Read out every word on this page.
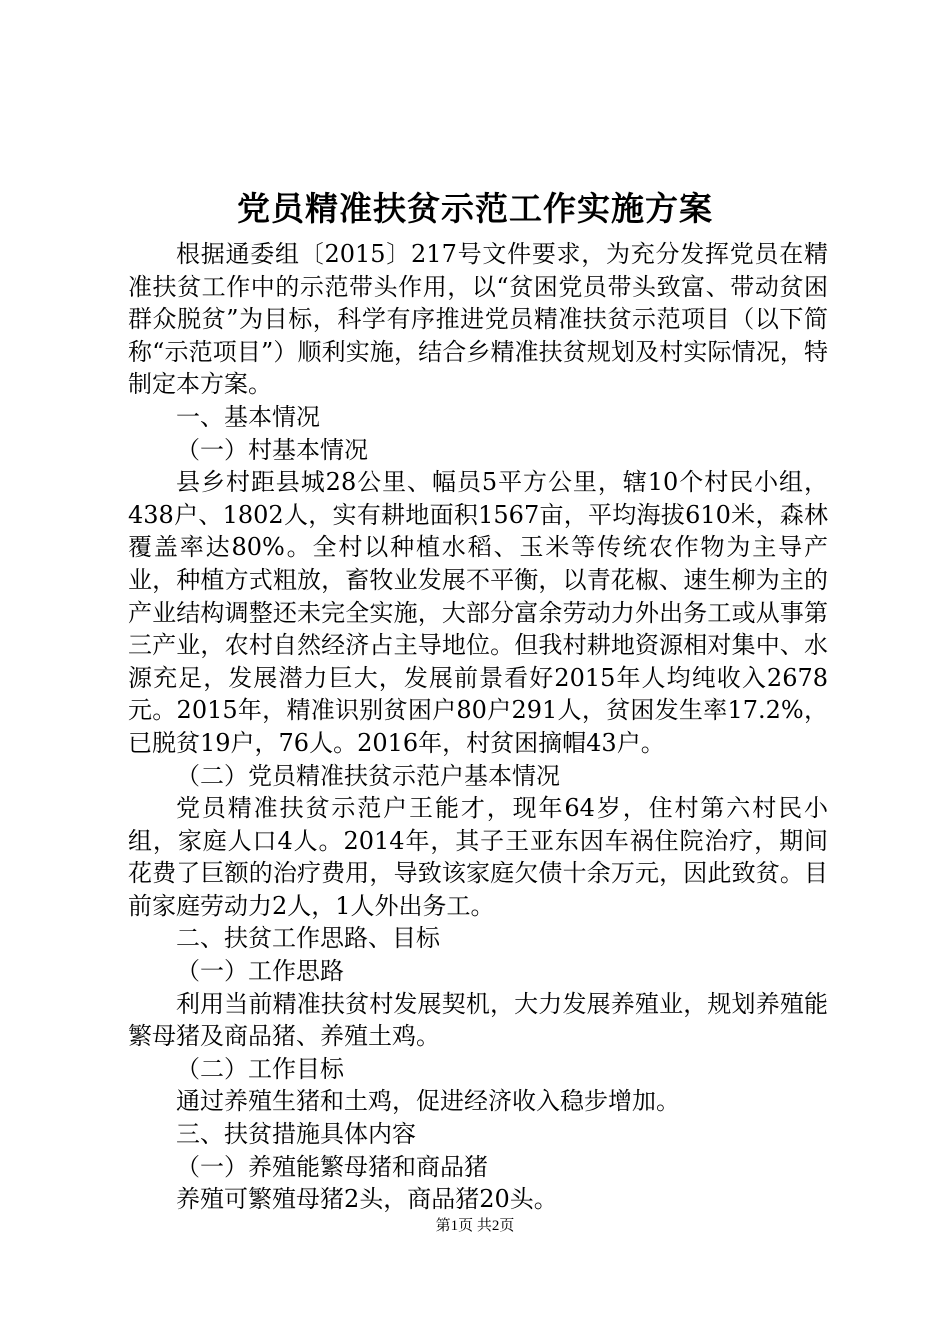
党员精准扶贫示范工作实施方案

根据通委组〔2015〕217号文件要求，为充分发挥党员在精准扶贫工作中的示范带头作用，以“贫困党员带头致富、带动贫困群众脱贫”为目标，科学有序推进党员精准扶贫示范项目（以下简称“示范项目”）顺利实施，结合乡精准扶贫规划及村实际情况，特制定本方案。

一、基本情况

（一）村基本情况

县乡村距县城28公里、幅员5平方公里，辖10个村民小组，438户、1802人，实有耕地面积1567亩，平均海拔610米，森林覆盖率达80%。全村以种植水稻、玉米等传统农作物为主导产业，种植方式粗放，畜牧业发展不平衡，以青花椒、速生柳为主的产业结构调整还未完全实施，大部分富余劳动力外出务工或从事第三产业，农村自然经济占主导地位。但我村耕地资源相对集中、水源充足，发展潜力巨大，发展前景看好2015年人均纯收入2678元。2015年，精准识别贫困户80户291人，贫困发生率17.2%，已脱贫19户，76人。2016年，村贫困摘帽43户。

（二）党员精准扶贫示范户基本情况

党员精准扶贫示范户王能才，现年64岁，住村第六村民小组，家庭人口4人。2014年，其子王亚东因车祸住院治疗，期间花费了巨额的治疗费用，导致该家庭欠债十余万元，因此致贫。目前家庭劳动力2人，1人外出务工。

二、扶贫工作思路、目标

（一）工作思路

利用当前精准扶贫村发展契机，大力发展养殖业，规划养殖能繁母猪及商品猪、养殖土鸡。

（二）工作目标

通过养殖生猪和土鸡，促进经济收入稳步增加。

三、扶贫措施具体内容

（一）养殖能繁母猪和商品猪

养殖可繁殖母猪2头，商品猪20头。

第1页 共2页
